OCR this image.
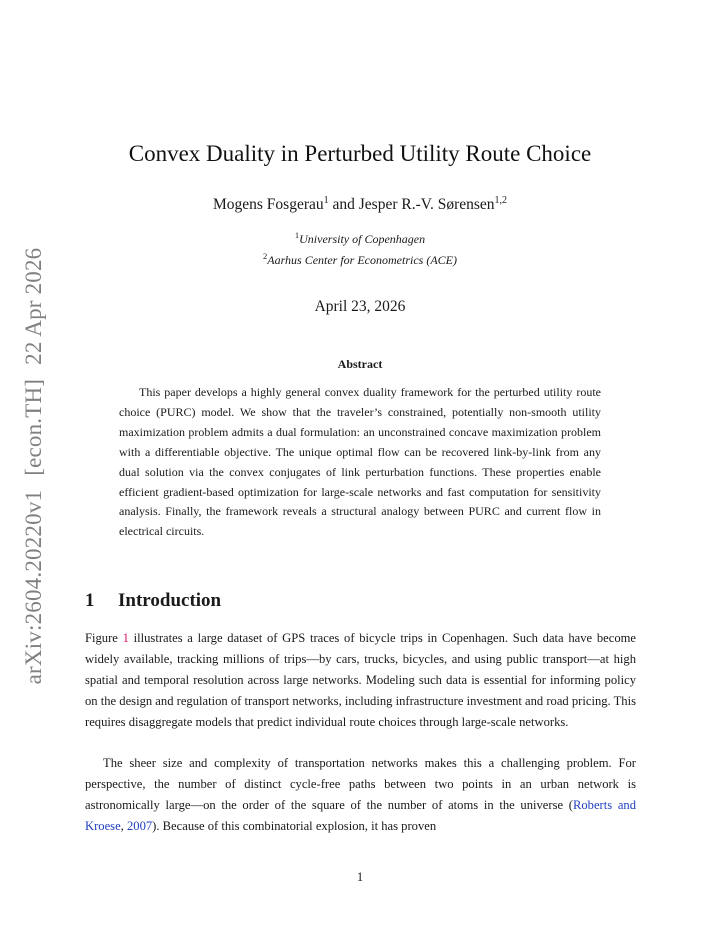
arXiv:2604.20220v1[econ.TH]22 Apr 2026
Convex Duality in Perturbed Utility Route Choice
Mogens Fosgerau$^1$ and Jesper R.-V. Sørensen$^{1,2}$
$^1$University of Copenhagen
$^2$Aarhus Center for Econometrics (ACE)
April 23, 2026
Abstract

This paper develops a highly general convex duality framework for the perturbed utility route choice (PURC) model. We show that the traveler’s constrained, potentially non-smooth utility maximization problem admits a dual formulation: an unconstrained concave maximization problem with a differentiable objective. The unique optimal flow can be recovered link-by-link from any dual solution via the convex conjugates of link perturbation functions. These properties enable efficient gradient-based optimization for large-scale networks and fast computation for sensitivity analysis. Finally, the framework reveals a structural analogy between PURC and current flow in electrical circuits.

1 Introduction

Figure 1 illustrates a large dataset of GPS traces of bicycle trips in Copenhagen. Such data have become widely available, tracking millions of trips—by cars, trucks, bicycles, and using public transport—at high spatial and temporal resolution across large networks. Modeling such data is essential for informing policy on the design and regulation of transport networks, including infrastructure investment and road pricing. This requires disaggregate models that predict individual route choices through large-scale networks.

The sheer size and complexity of transportation networks makes this a challenging problem. For perspective, the number of distinct cycle-free paths between two points in an urban network is astronomically large—on the order of the square of the number of atoms in the universe (Roberts and Kroese, 2007). Because of this combinatorial explosion, it has proven

1
